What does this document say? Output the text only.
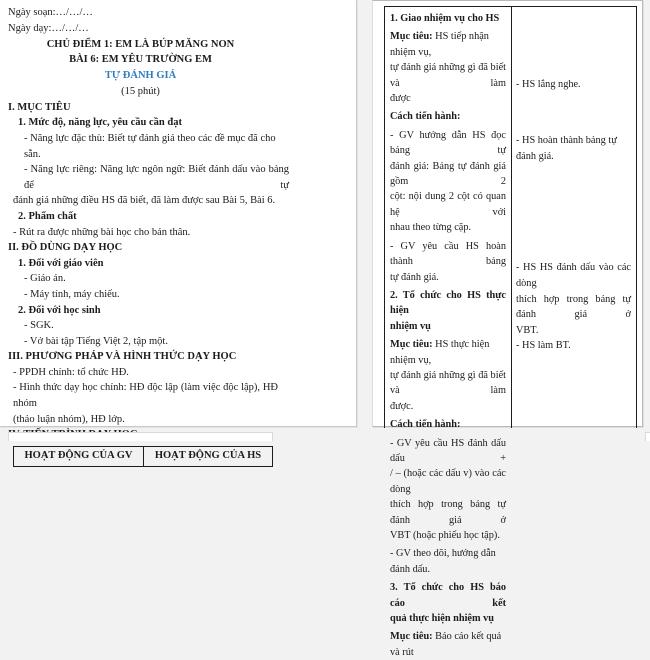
Ngày soạn:…/…/…

Ngày dạy:…/…/…

CHỦ ĐIỂM 1: EM LÀ BÚP MĂNG NON

BÀI 6: EM YÊU TRƯỜNG EM

TỰ ĐÁNH GIÁ

(15 phút)

I. MỤC TIÊU

1. Mức độ, năng lực, yêu cầu cần đạt

- Năng lực đặc thù: Biết tự đánh giá theo các đề mục đã cho sẵn.

- Năng lực riêng: Năng lực ngôn ngữ: Biết đánh dấu vào bảng để tự

đánh giá những điều HS đã biết, đã làm được sau Bài 5, Bài 6.

2. Phẩm chất

- Rút ra được những bài học cho bản thân.

II. ĐỒ DÙNG DẠY HỌC

1. Đối với giáo viên

- Giáo án.

- Máy tính, máy chiếu.

2. Đối với học sinh

- SGK.

- Vở bài tập Tiếng Việt 2, tập một.

III. PHƯƠNG PHÁP VÀ HÌNH THỨC DẠY HỌC

- PPDH chính: tổ chức HĐ.

- Hình thức dạy học chính: HĐ độc lập (làm việc độc lập), HĐ nhóm

(thảo luận nhóm), HĐ lớp.

HOẠT ĐỘNG CỦA GV	HOẠT ĐỘNG CỦA HS

1. Giao nhiệm vụ cho HS

Mục tiêu: HS tiếp nhận nhiệm vụ,

tự đánh giá những gì đã biết và làm

được

Cách tiến hành:

- GV hướng dẫn HS đọc bảng tự

đánh giá: Bảng tự đánh giá gồm 2

cột: nội dung 2 cột có quan hệ với

nhau theo từng cặp.

- GV yêu cầu HS hoàn thành bảng

tự đánh giá.

2. Tổ chức cho HS thực hiện

nhiệm vụ

Mục tiêu: HS thực hiện nhiệm vụ,

tự đánh giá những gì đã biết và làm

được.

Cách tiến hành:

- GV yêu cầu HS đánh dấu dấu +

/ – (hoặc các dấu v) vào các dòng

thích hợp trong bảng tự đánh giá ở

VBT (hoặc phiếu học tập).

- GV theo dõi, hướng dẫn đánh dấu.

3. Tổ chức cho HS báo cáo kết

quả thực hiện nhiệm vụ

Mục tiêu: Báo cáo kết quả và rút

- HS lắng nghe.

- HS hoàn thành bảng tự đánh giá.

- HS HS đánh dấu vào các dòng

thích hợp trong bảng tự đánh giá ở

VBT.

- HS làm BT.
